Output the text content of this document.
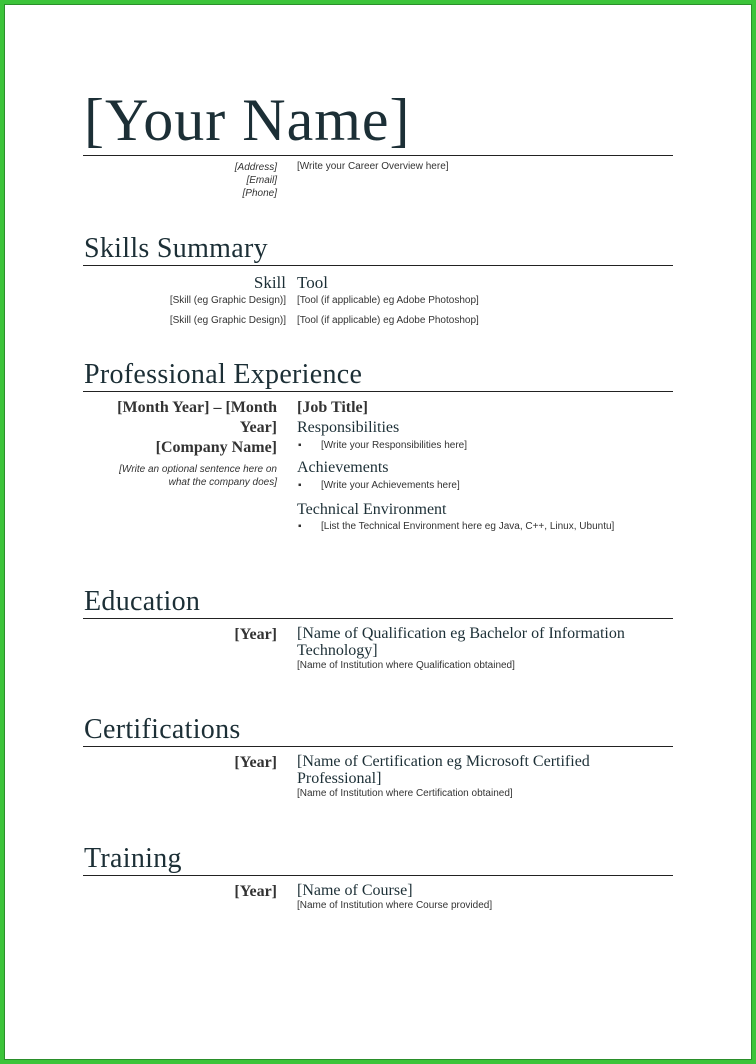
[Your Name]
[Address]
[Email]
[Phone]
[Write your Career Overview here]
Skills Summary
Skill
[Skill (eg Graphic Design)]
[Skill (eg Graphic Design)]
Tool
[Tool (if applicable) eg Adobe Photoshop]
[Tool (if applicable) eg Adobe Photoshop]
Professional Experience
[Month Year] – [Month
Year]
[Company Name]
[Write an optional sentence here on
what the company does]
[Job Title]
Responsibilities
▪ [Write your Responsibilities here]
Achievements
▪ [Write your Achievements here]
Technical Environment
▪ [List the Technical Environment here eg Java, C++, Linux, Ubuntu]
Education
[Year] [Name of Qualification eg Bachelor of Information
Technology]
[Name of Institution where Qualification obtained]
Certifications
[Year] [Name of Certification eg Microsoft Certified
Professional]
[Name of Institution where Certification obtained]
Training
[Year] [Name of Course]
[Name of Institution where Course provided]
